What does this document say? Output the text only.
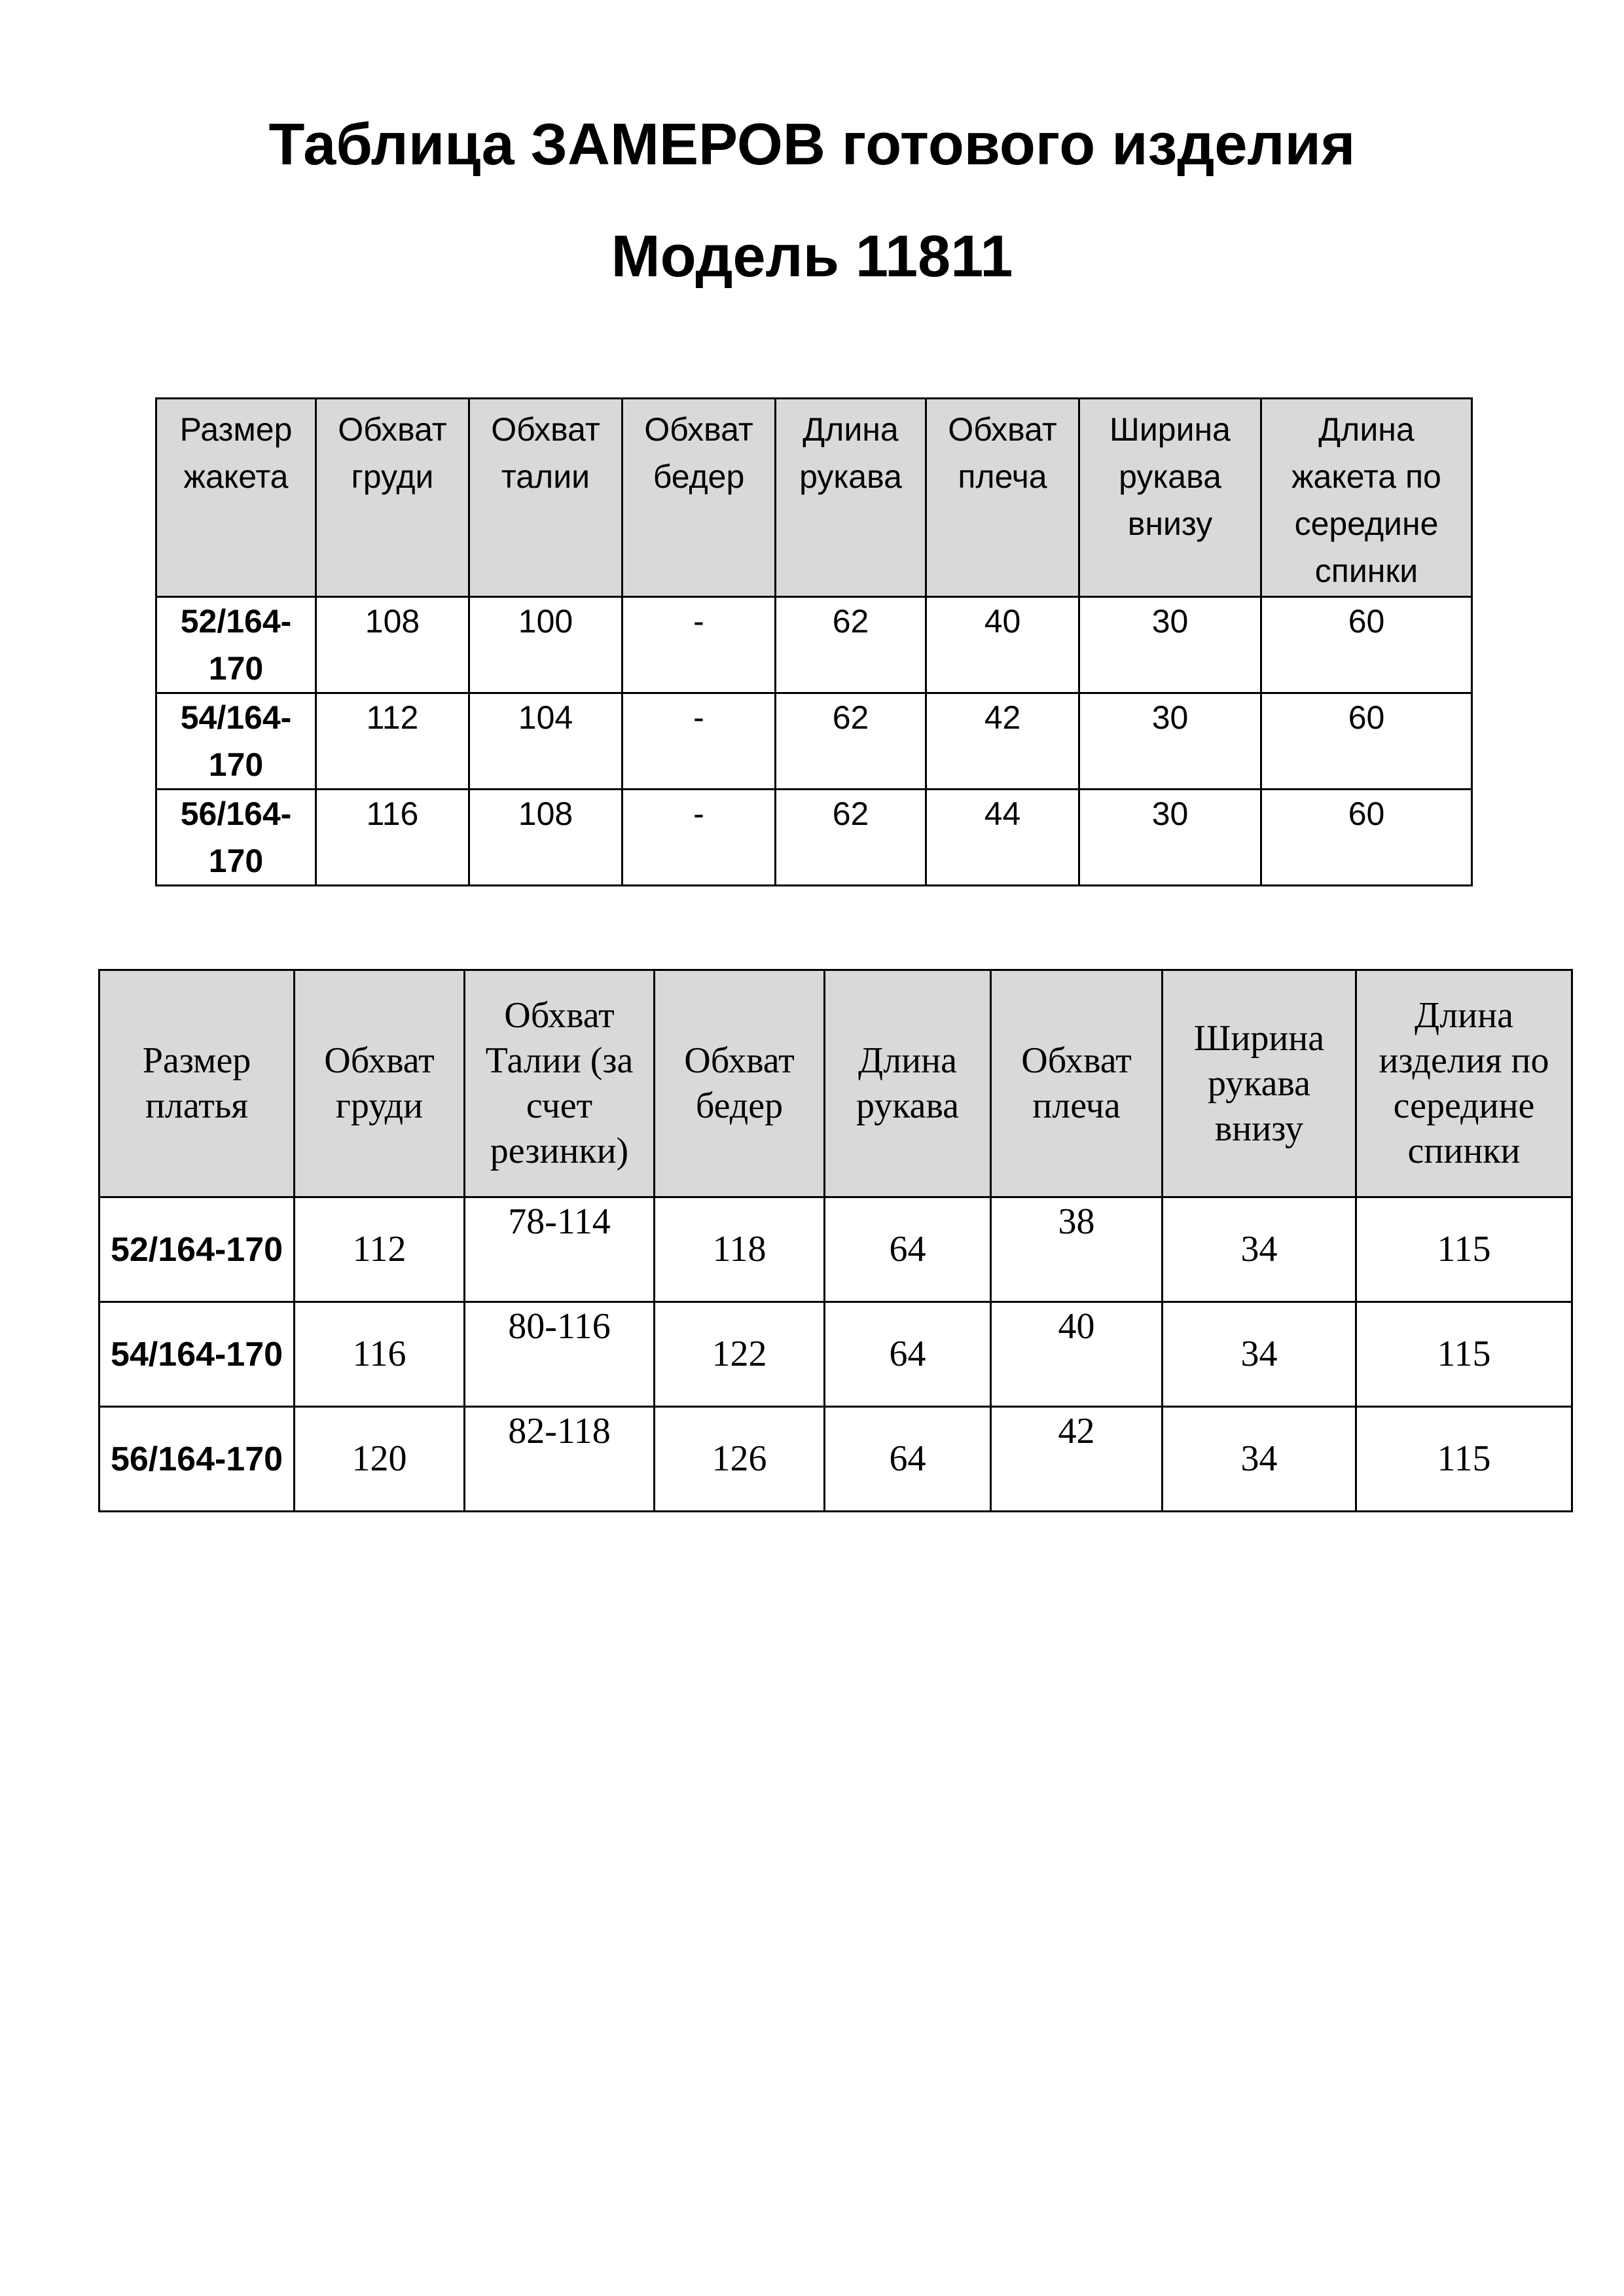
Таблица ЗАМЕРОВ готового изделия
Модель 11811
Размер жакета	Обхват груди	Обхват талии	Обхват бедер	Длина рукава	Обхват плеча	Ширина рукава внизу	Длина жакета по середине спинки
52/164-170	108	100	-	62	40	30	60
54/164-170	112	104	-	62	42	30	60
56/164-170	116	108	-	62	44	30	60
Размер платья	Обхват груди	Обхват Талии (за счет резинки)	Обхват бедер	Длина рукава	Обхват плеча	Ширина рукава внизу	Длина изделия по середине спинки
52/164-170	112	78-114	118	64	38	34	115
54/164-170	116	80-116	122	64	40	34	115
56/164-170	120	82-118	126	64	42	34	115
